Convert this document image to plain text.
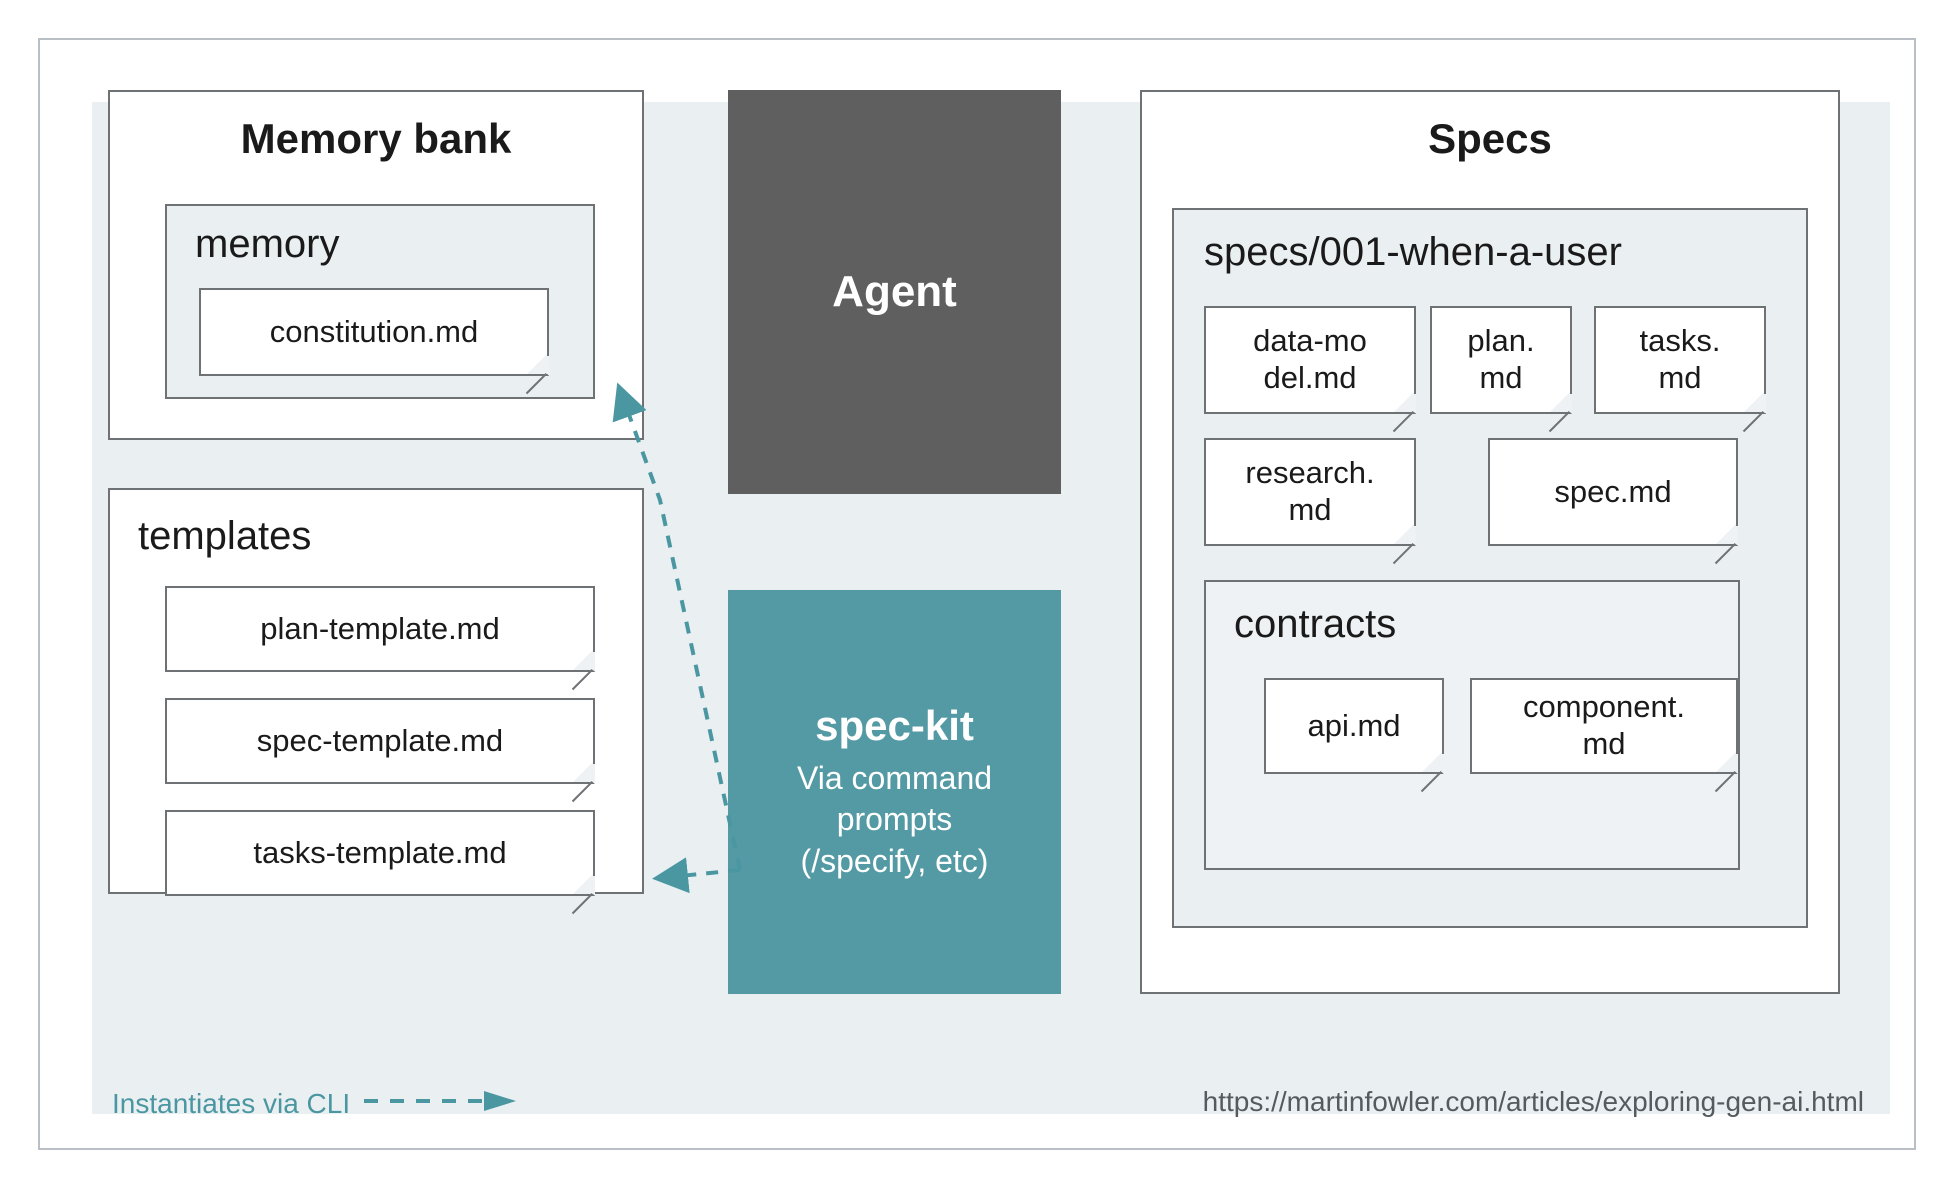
Memory bank
memory
constitution.md
templates
plan-template.md
spec-template.md
tasks-template.md
Agent
spec-kit
Via command
prompts
(/specify, etc)
Specs
specs/001-when-a-user
data-mo
del.md
plan.
md
tasks.
md
research.
md
spec.md
contracts
api.md
component.
md
Instantiates via CLI	https://martinfowler.com/articles/exploring-gen-ai.html
